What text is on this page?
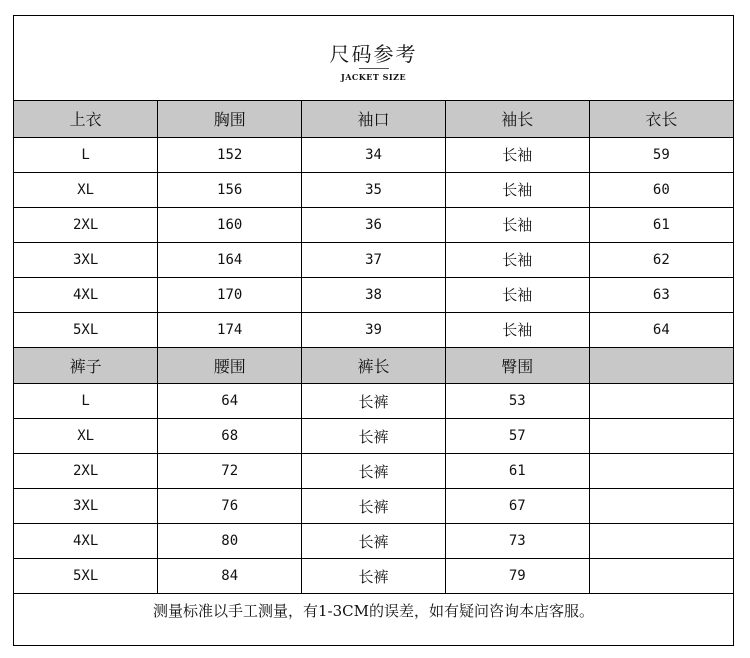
尺码参考
JACKET SIZE
上衣	胸围	袖口	袖长	衣长
L	152	34	长袖	59
XL	156	35	长袖	60
2XL	160	36	长袖	61
3XL	164	37	长袖	62
4XL	170	38	长袖	63
5XL	174	39	长袖	64
裤子	腰围	裤长	臀围	
L	64	长裤	53	
XL	68	长裤	57	
2XL	72	长裤	61	
3XL	76	长裤	67	
4XL	80	长裤	73	
5XL	84	长裤	79	
测量标准以手工测量，有1-3CM的误差，如有疑问咨询本店客服。
